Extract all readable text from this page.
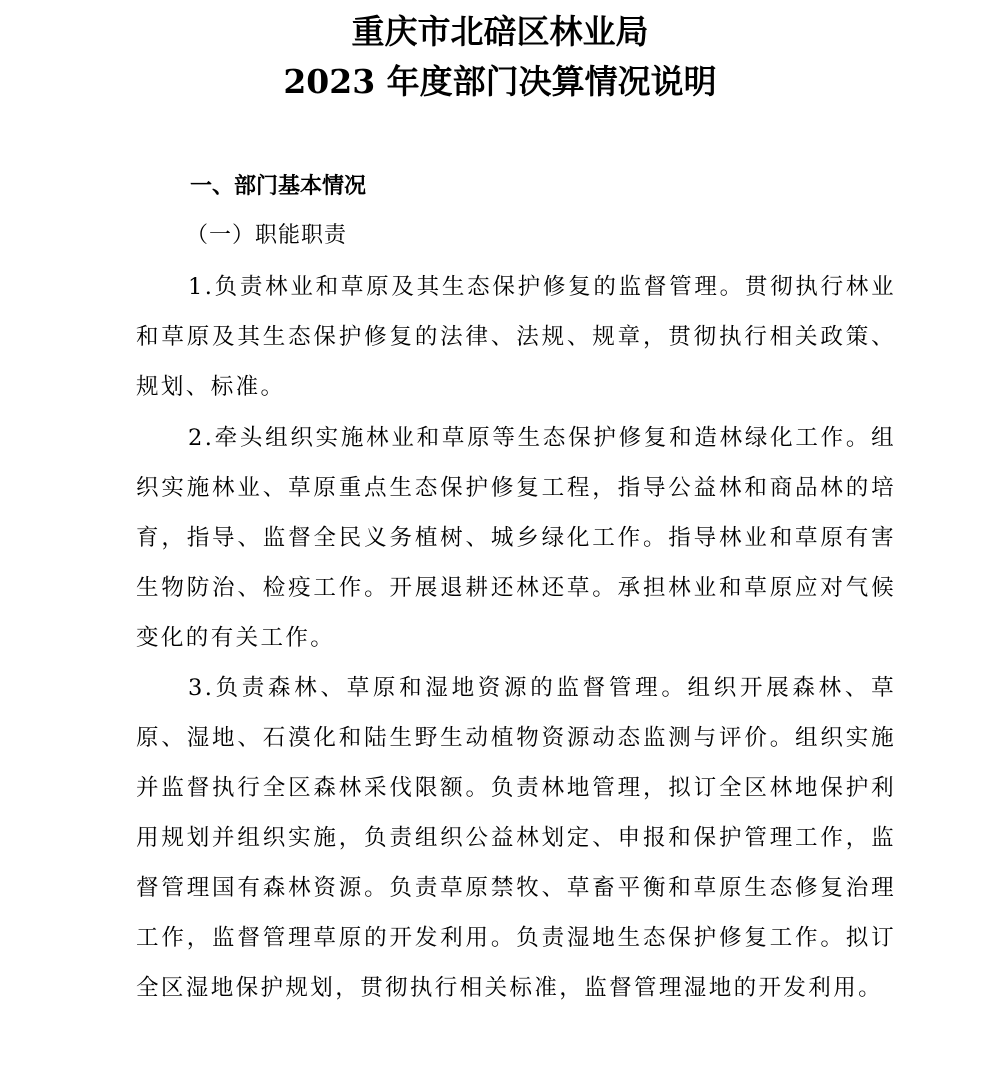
重庆市北碚区林业局
2023 年度部门决算情况说明
一、部门基本情况
（一）职能职责

1.负责林业和草原及其生态保护修复的监督管理。贯彻执行林业和草原及其生态保护修复的法律、法规、规章，贯彻执行相关政策、规划、标准。

2.牵头组织实施林业和草原等生态保护修复和造林绿化工作。组织实施林业、草原重点生态保护修复工程，指导公益林和商品林的培育，指导、监督全民义务植树、城乡绿化工作。指导林业和草原有害生物防治、检疫工作。开展退耕还林还草。承担林业和草原应对气候变化的有关工作。

3.负责森林、草原和湿地资源的监督管理。组织开展森林、草原、湿地、石漠化和陆生野生动植物资源动态监测与评价。组织实施并监督执行全区森林采伐限额。负责林地管理，拟订全区林地保护利用规划并组织实施，负责组织公益林划定、申报和保护管理工作，监督管理国有森林资源。负责草原禁牧、草畜平衡和草原生态修复治理工作，监督管理草原的开发利用。负责湿地生态保护修复工作。拟订全区湿地保护规划，贯彻执行相关标准，监督管理湿地的开发利用。
